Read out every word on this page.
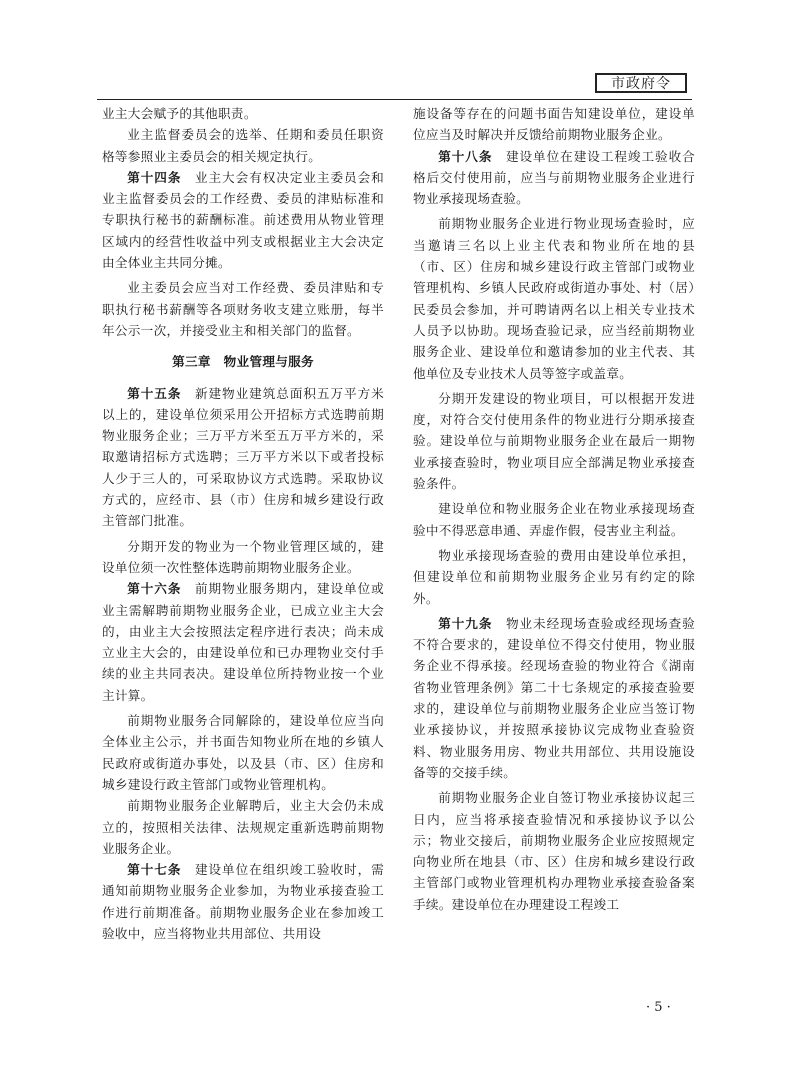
市政府令

业主大会赋予的其他职责。

业主监督委员会的选举、任期和委员任职资格等参照业主委员会的相关规定执行。

第十四条　业主大会有权决定业主委员会和业主监督委员会的工作经费、委员的津贴标准和专职执行秘书的薪酬标准。前述费用从物业管理区域内的经营性收益中列支或根据业主大会决定由全体业主共同分摊。

业主委员会应当对工作经费、委员津贴和专职执行秘书薪酬等各项财务收支建立账册，每半年公示一次，并接受业主和相关部门的监督。

第三章　物业管理与服务

第十五条　新建物业建筑总面积五万平方米以上的，建设单位须采用公开招标方式选聘前期物业服务企业；三万平方米至五万平方米的，采取邀请招标方式选聘；三万平方米以下或者投标人少于三人的，可采取协议方式选聘。采取协议方式的，应经市、县（市）住房和城乡建设行政主管部门批准。

分期开发的物业为一个物业管理区域的，建设单位须一次性整体选聘前期物业服务企业。

第十六条　前期物业服务期内，建设单位或业主需解聘前期物业服务企业，已成立业主大会的，由业主大会按照法定程序进行表决；尚未成立业主大会的，由建设单位和已办理物业交付手续的业主共同表决。建设单位所持物业按一个业主计算。

前期物业服务合同解除的，建设单位应当向全体业主公示，并书面告知物业所在地的乡镇人民政府或街道办事处，以及县（市、区）住房和城乡建设行政主管部门或物业管理机构。

前期物业服务企业解聘后，业主大会仍未成立的，按照相关法律、法规规定重新选聘前期物业服务企业。

第十七条　建设单位在组织竣工验收时，需通知前期物业服务企业参加，为物业承接查验工作进行前期准备。前期物业服务企业在参加竣工验收中，应当将物业共用部位、共用设

施设备等存在的问题书面告知建设单位，建设单位应当及时解决并反馈给前期物业服务企业。

第十八条　建设单位在建设工程竣工验收合格后交付使用前，应当与前期物业服务企业进行物业承接现场查验。

前期物业服务企业进行物业现场查验时，应当邀请三名以上业主代表和物业所在地的县（市、区）住房和城乡建设行政主管部门或物业管理机构、乡镇人民政府或街道办事处、村（居）民委员会参加，并可聘请两名以上相关专业技术人员予以协助。现场查验记录，应当经前期物业服务企业、建设单位和邀请参加的业主代表、其他单位及专业技术人员等签字或盖章。

分期开发建设的物业项目，可以根据开发进度，对符合交付使用条件的物业进行分期承接查验。建设单位与前期物业服务企业在最后一期物业承接查验时，物业项目应全部满足物业承接查验条件。

建设单位和物业服务企业在物业承接现场查验中不得恶意串通、弄虚作假，侵害业主利益。

物业承接现场查验的费用由建设单位承担，但建设单位和前期物业服务企业另有约定的除外。

第十九条　物业未经现场查验或经现场查验不符合要求的，建设单位不得交付使用，物业服务企业不得承接。经现场查验的物业符合《湖南省物业管理条例》第二十七条规定的承接查验要求的，建设单位与前期物业服务企业应当签订物业承接协议，并按照承接协议完成物业查验资料、物业服务用房、物业共用部位、共用设施设备等的交接手续。

前期物业服务企业自签订物业承接协议起三日内，应当将承接查验情况和承接协议予以公示；物业交接后，前期物业服务企业应按照规定向物业所在地县（市、区）住房和城乡建设行政主管部门或物业管理机构办理物业承接查验备案手续。建设单位在办理建设工程竣工

· 5 ·
